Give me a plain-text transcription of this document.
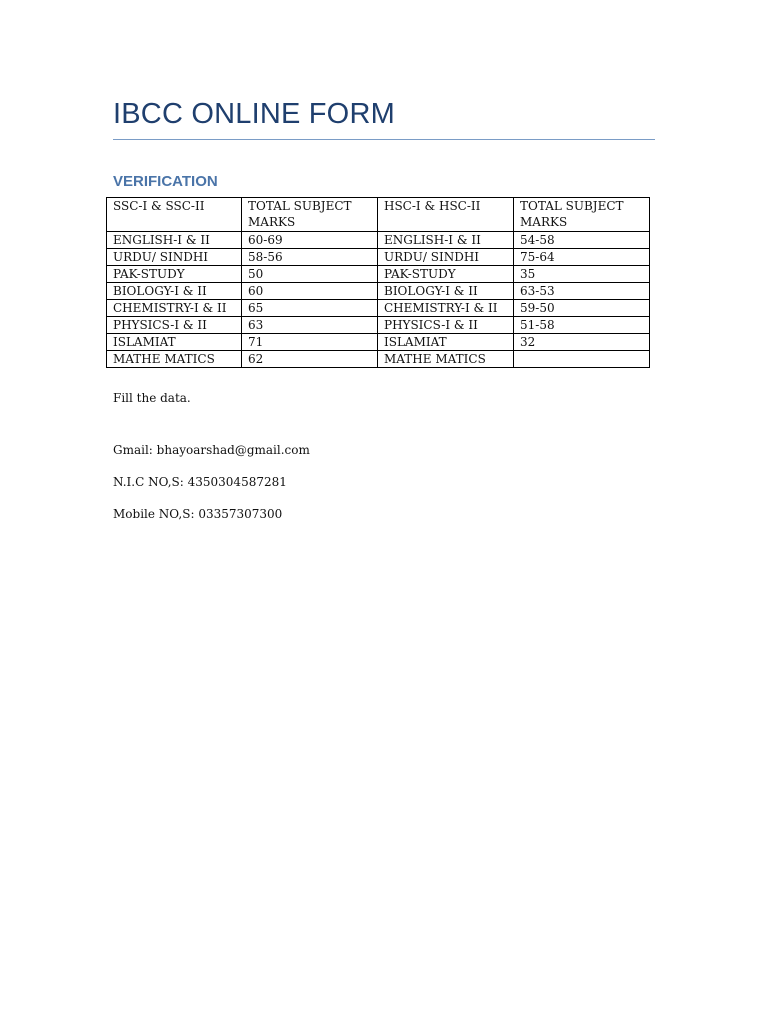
IBCC ONLINE FORM
VERIFICATION
SSC-I & SSC-II	TOTAL SUBJECT MARKS	HSC-I & HSC-II	TOTAL SUBJECT MARKS
ENGLISH-I & II	60-69	ENGLISH-I & II	54-58
URDU/ SINDHI	58-56	URDU/ SINDHI	75-64
PAK-STUDY	50	PAK-STUDY	35
BIOLOGY-I & II	60	BIOLOGY-I & II	63-53
CHEMISTRY-I & II	65	CHEMISTRY-I & II	59-50
PHYSICS-I & II	63	PHYSICS-I & II	51-58
ISLAMIAT	71	ISLAMIAT	32
MATHE MATICS	62	MATHE MATICS	

Fill the data.

Gmail: bhayoarshad@gmail.com

N.I.C NO,S: 4350304587281

Mobile NO,S: 03357307300
